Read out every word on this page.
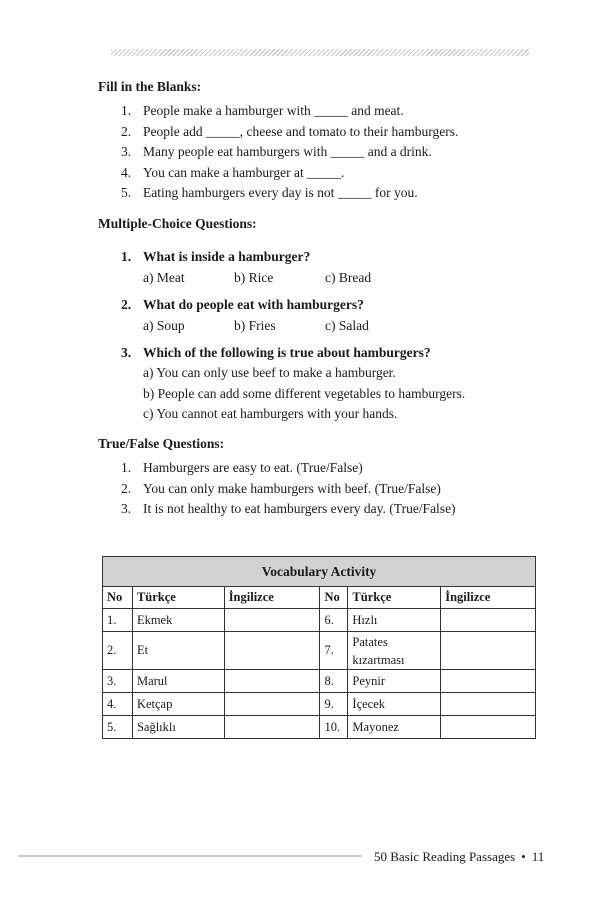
Fill in the Blanks:
1. People make a hamburger with _____ and meat.
2. People add _____, cheese and tomato to their hamburgers.
3. Many people eat hamburgers with _____ and a drink.
4. You can make a hamburger at _____.
5. Eating hamburgers every day is not _____ for you.
Multiple-Choice Questions:
1. What is inside a hamburger?
a) Meat	b) Rice	c) Bread
2. What do people eat with hamburgers?
a) Soup	b) Fries	c) Salad
3. Which of the following is true about hamburgers?
a) You can only use beef to make a hamburger.
b) People can add some different vegetables to hamburgers.
c) You cannot eat hamburgers with your hands.
True/False Questions:
1. Hamburgers are easy to eat. (True/False)
2. You can only make hamburgers with beef. (True/False)
3. It is not healthy to eat hamburgers every day. (True/False)
Vocabulary Activity					
No	Türkçe	İngilizce	No	Türkçe	İngilizce
1.	Ekmek		6.	Hızlı	
2.	Et		7.	Patates
kızartması	

3.	Marul		8.	Peynir	
4.	Ketçap		9.	İçecek	
5.	Sağlıklı		10.	Mayonez	
50 Basic Reading Passages • 11
